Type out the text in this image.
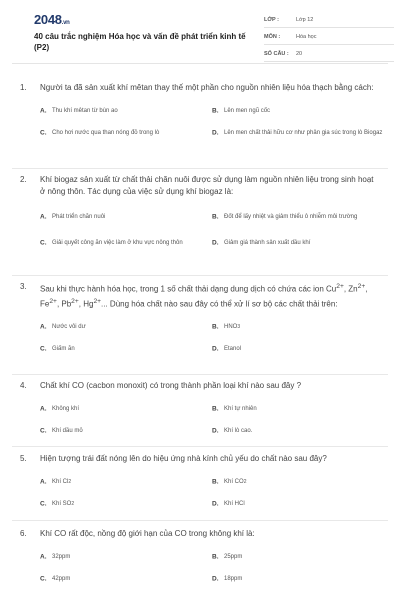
2048.vn
40 câu trắc nghiệm Hóa học và vấn đề phát triển kinh tế (P2)
LỚP :	Lớp 12
MÔN :	Hóa học
SỐ CÂU :	20
1. Người ta đã sản xuất khí mêtan thay thế một phần cho nguồn nhiên liệu hóa thạch bằng cách:
A. Thu khí mêtan từ bùn ao	B. Lên men ngũ cốc
C. Cho hơi nước qua than nóng đỏ trong lò	D. Lên men chất thải hữu cơ như phân gia súc trong lò Biogaz
2. Khí biogaz sản xuất từ chất thải chăn nuôi được sử dụng làm nguồn nhiên liệu trong sinh hoạt ở nông thôn. Tác dụng của việc sử dụng khí biogaz là:
A. Phát triển chăn nuôi	B. Đốt để lấy nhiệt và giảm thiểu ô nhiễm môi trường
C. Giải quyết công ăn việc làm ở khu vực nông thôn	D. Giảm giá thành sản xuất dầu khí
3. Sau khi thực hành hóa học, trong 1 số chất thải dạng dung dịch có chứa các ion $Cu^{2+}$, $Zn^{2+}$, $Fe^{2+}$, $Pb^{2+}$, $Hg^{2+}$... Dùng hóa chất nào sau đây có thể xử lí sơ bộ các chất thải trên:
A. Nước vôi dư	B. HNO 3
C. Giấm ăn	D. Etanol
4. Chất khí CO (cacbon monoxit) có trong thành phần loại khí nào sau đây ?
A. Không khí	B. Khí tự nhiên
C. Khí dầu mỏ	D. Khí lò cao.
5. Hiện tượng trái đất nóng lên do hiệu ứng nhà kính chủ yếu do chất nào sau đây?
A. Khí Cl 2	B. Khí CO 2
C. Khí SO 2	D. Khí HCl
6. Khí CO rất độc, nồng độ giới hạn của CO trong không khí là:
A. 32ppm	B. 25ppm
C. 42ppm	D. 18ppm
